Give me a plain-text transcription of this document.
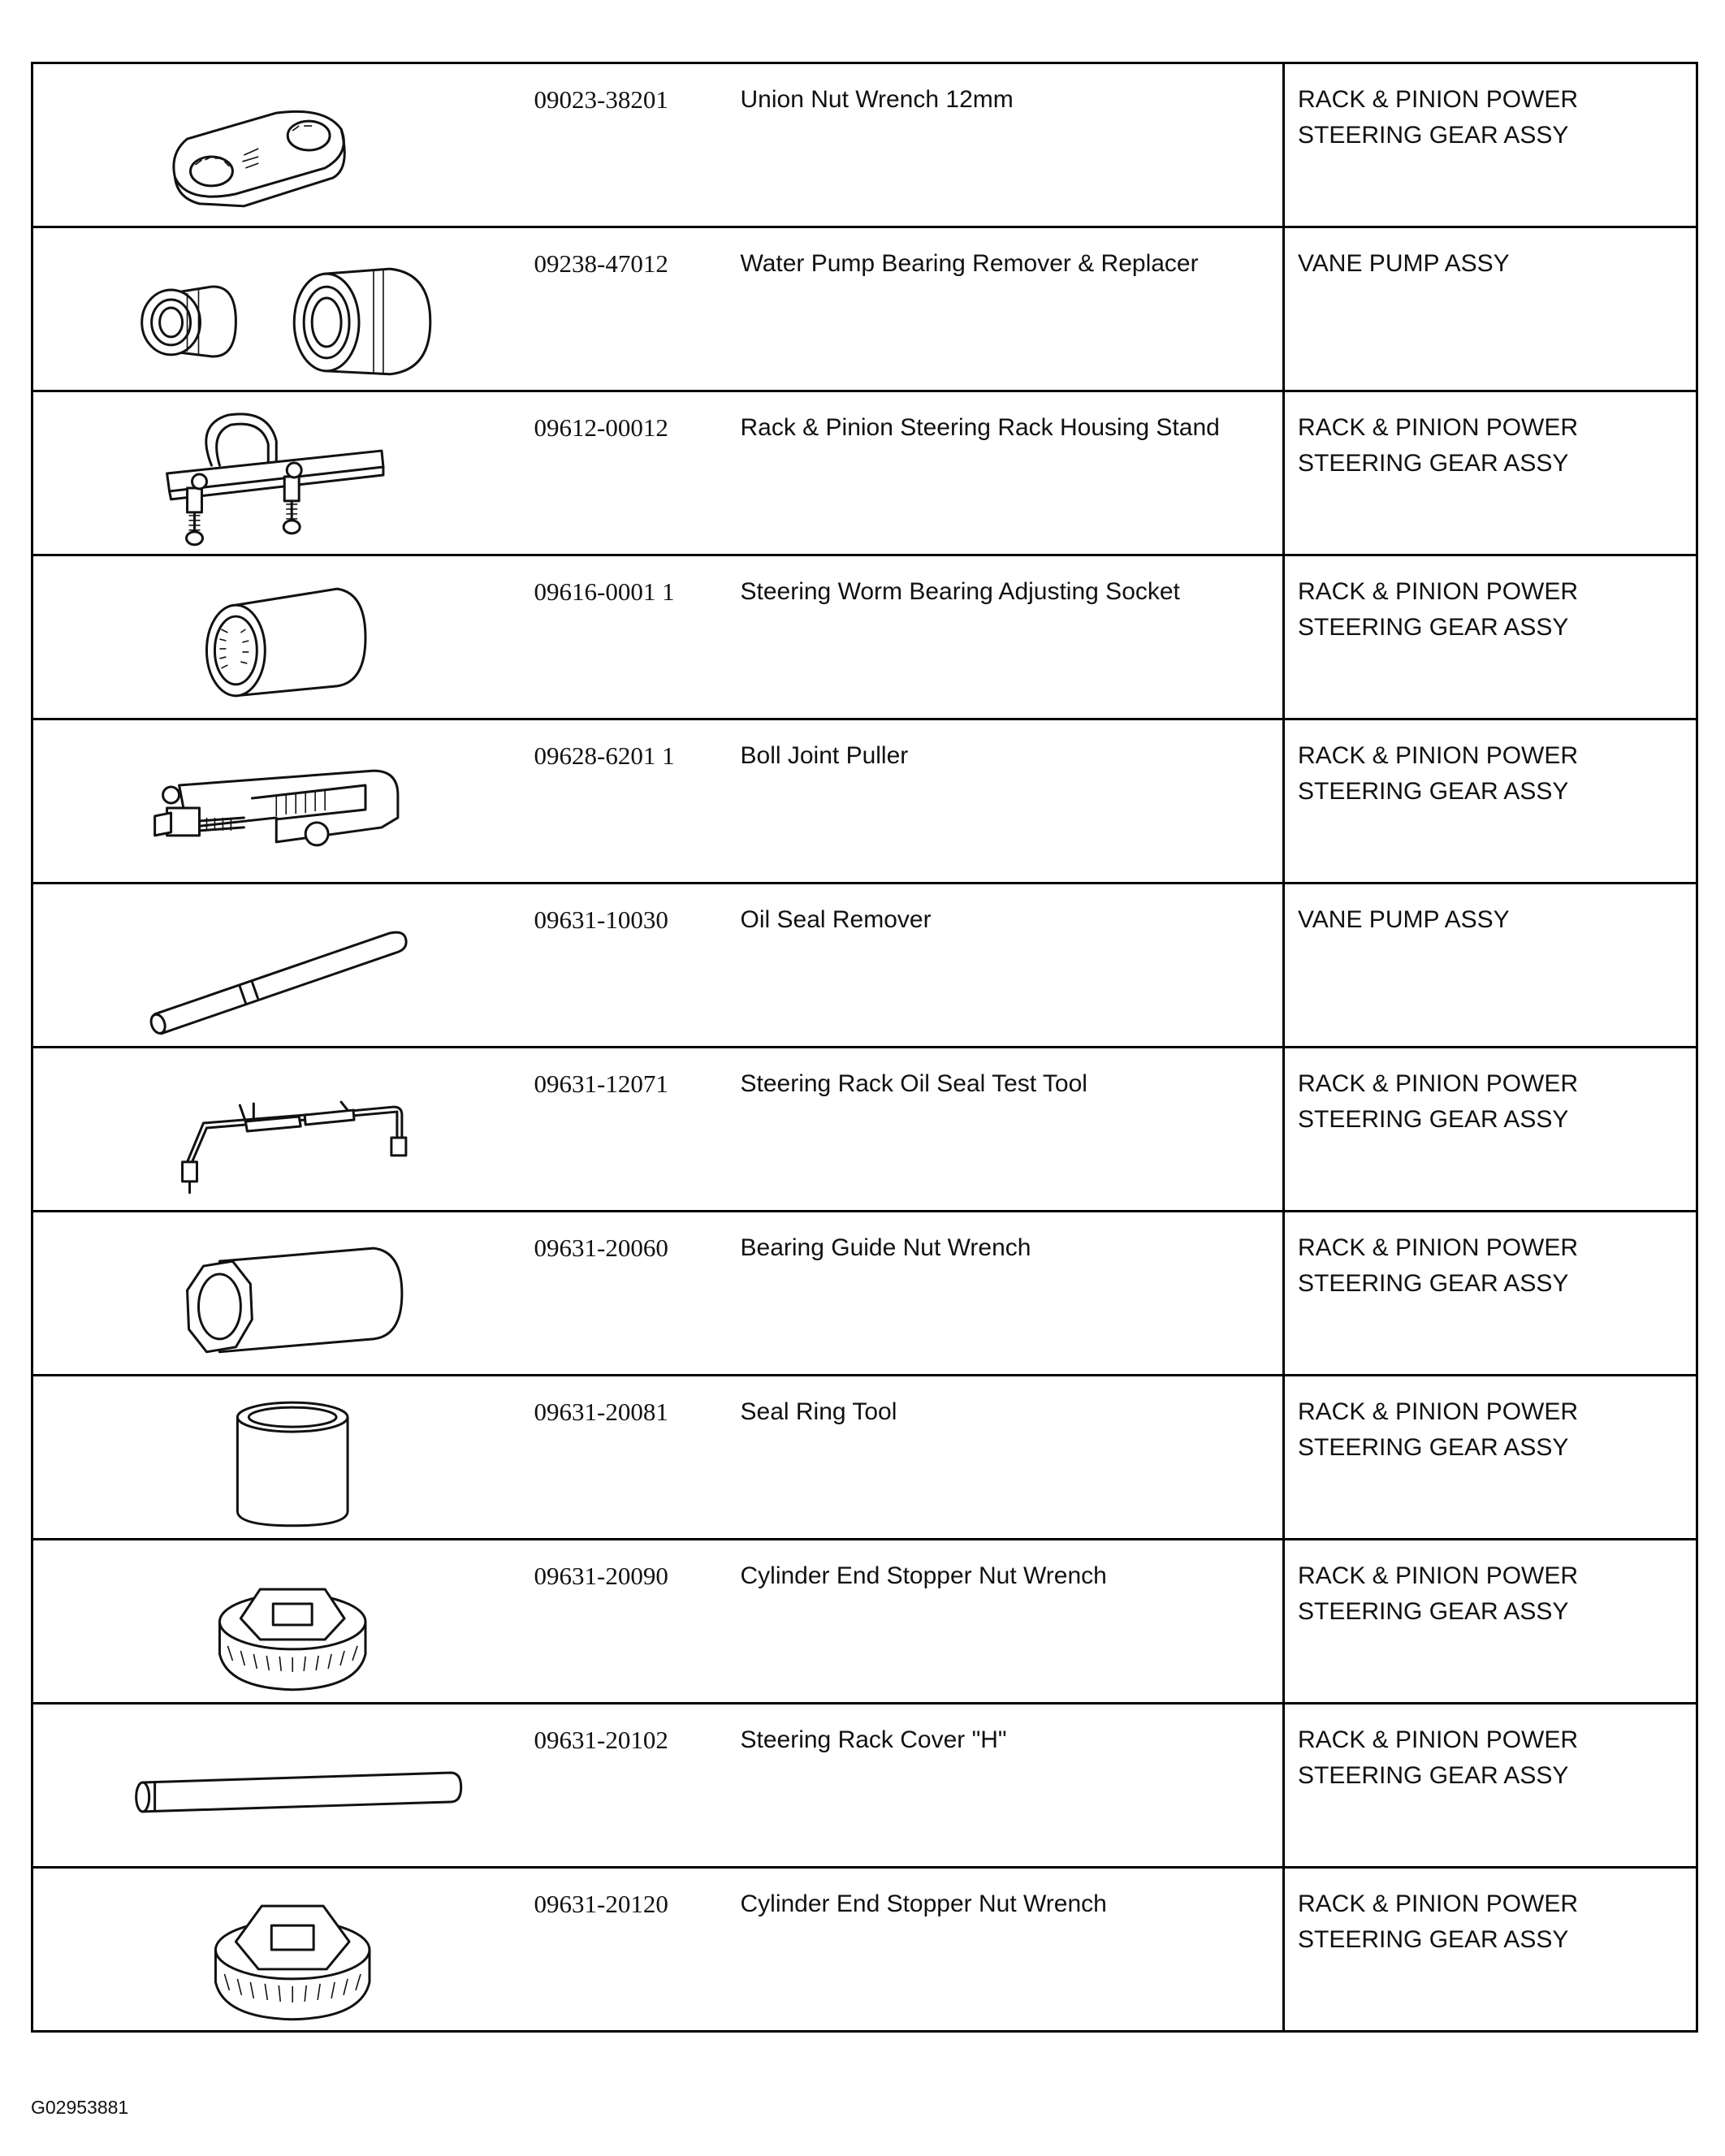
09023-38201	Union Nut Wrench 12mm	RACK & PINION POWER STEERING GEAR ASSY

09238-47012	Water Pump Bearing Remover & Replacer	VANE PUMP ASSY

09612-00012	Rack & Pinion Steering Rack Housing Stand	RACK & PINION POWER STEERING GEAR ASSY

09616-0001 1	Steering Worm Bearing Adjusting Socket	RACK & PINION POWER STEERING GEAR ASSY

09628-6201 1	Boll Joint Puller	RACK & PINION POWER STEERING GEAR ASSY

09631-10030	Oil Seal Remover	VANE PUMP ASSY

09631-12071	Steering Rack Oil Seal Test Tool	RACK & PINION POWER STEERING GEAR ASSY

09631-20060	Bearing Guide Nut Wrench	RACK & PINION POWER STEERING GEAR ASSY

09631-20081	Seal Ring Tool	RACK & PINION POWER STEERING GEAR ASSY

09631-20090	Cylinder End Stopper Nut Wrench	RACK & PINION POWER STEERING GEAR ASSY

09631-20102	Steering Rack Cover "H"	RACK & PINION POWER STEERING GEAR ASSY

09631-20120	Cylinder End Stopper Nut Wrench	RACK & PINION POWER STEERING GEAR ASSY
G02953881
